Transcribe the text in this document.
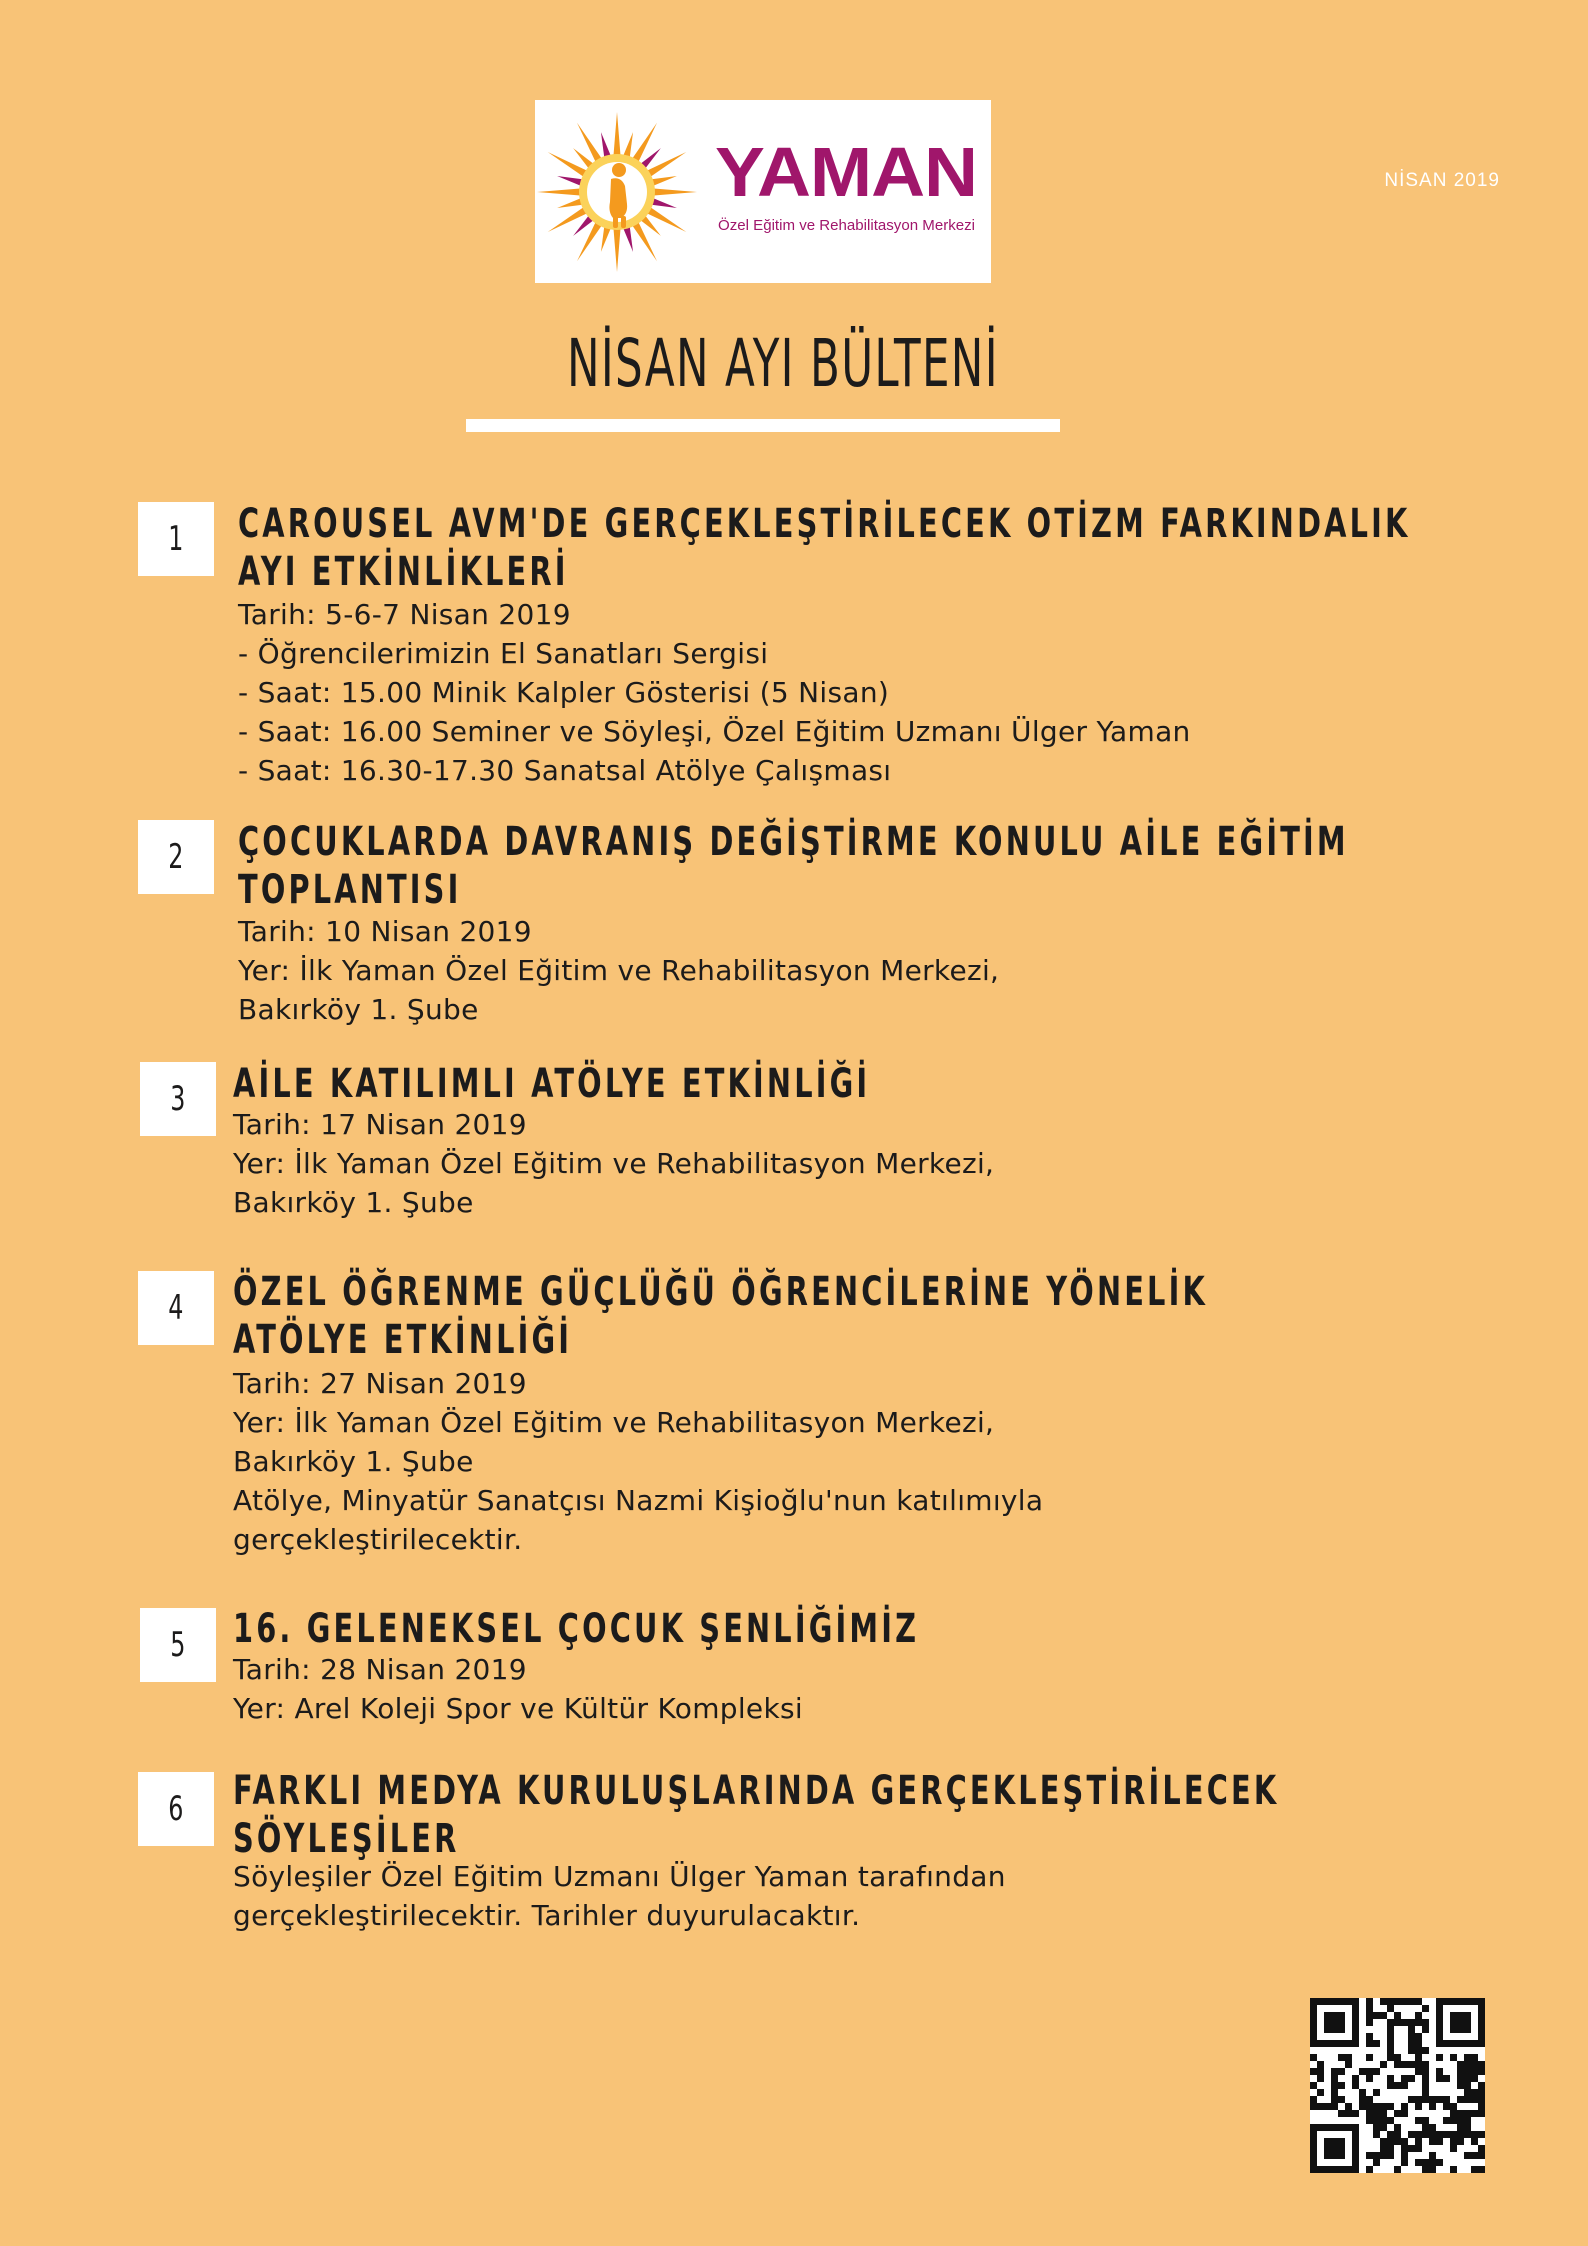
YAMAN
Özel Eğitim ve Rehabilitasyon Merkezi
NİSAN 2019
NİSAN AYI BÜLTENİ
1	CAROUSEL AVM'DE GERÇEKLEŞTİRİLECEK OTİZM FARKINDALIK
AYI ETKİNLİKLERİ
Tarih: 5-6-7 Nisan 2019
- Öğrencilerimizin El Sanatları Sergisi
- Saat: 15.00 Minik Kalpler Gösterisi (5 Nisan)
- Saat: 16.00 Seminer ve Söyleşi, Özel Eğitim Uzmanı Ülger Yaman
- Saat: 16.30-17.30 Sanatsal Atölye Çalışması
2	ÇOCUKLARDA DAVRANIŞ DEĞİŞTİRME KONULU AİLE EĞİTİM
TOPLANTISI
Tarih: 10 Nisan 2019
Yer: İlk Yaman Özel Eğitim ve Rehabilitasyon Merkezi,
Bakırköy 1. Şube
3	AİLE KATILIMLI ATÖLYE ETKİNLİĞİ
Tarih: 17 Nisan 2019
Yer: İlk Yaman Özel Eğitim ve Rehabilitasyon Merkezi,
Bakırköy 1. Şube
4	ÖZEL ÖĞRENME GÜÇLÜĞÜ ÖĞRENCİLERİNE YÖNELİK
ATÖLYE ETKİNLİĞİ
Tarih: 27 Nisan 2019
Yer: İlk Yaman Özel Eğitim ve Rehabilitasyon Merkezi,
Bakırköy 1. Şube
Atölye, Minyatür Sanatçısı Nazmi Kişioğlu'nun katılımıyla
gerçekleştirilecektir.
5	16. GELENEKSEL ÇOCUK ŞENLİĞİMİZ
Tarih: 28 Nisan 2019
Yer: Arel Koleji Spor ve Kültür Kompleksi
6	FARKLI MEDYA KURULUŞLARINDA GERÇEKLEŞTİRİLECEK
SÖYLEŞİLER
Söyleşiler Özel Eğitim Uzmanı Ülger Yaman tarafından
gerçekleştirilecektir. Tarihler duyurulacaktır.
